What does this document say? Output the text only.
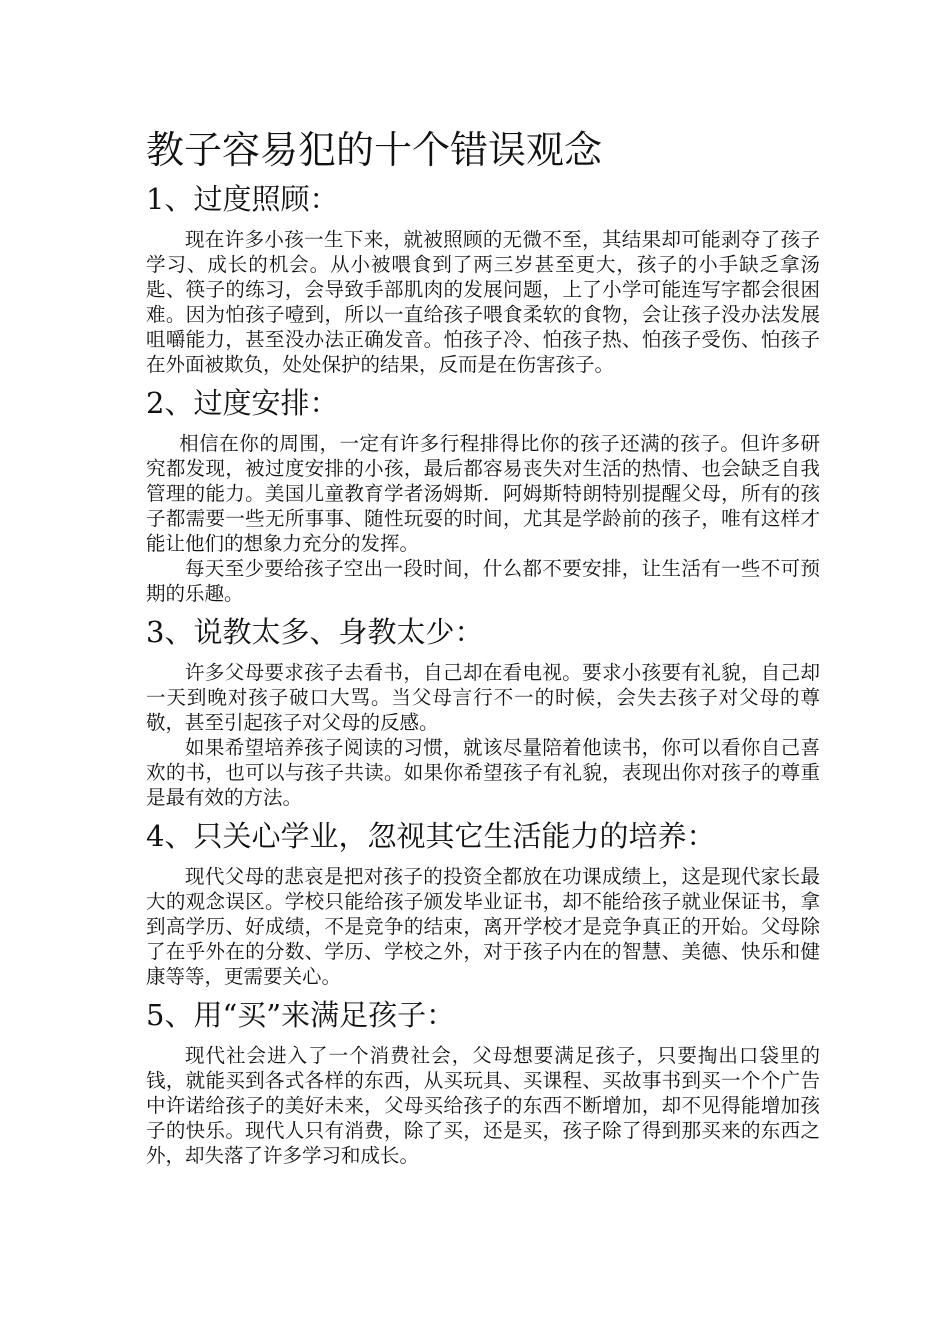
教子容易犯的十个错误观念
1、过度照顾：

现在许多小孩一生下来，就被照顾的无微不至，其结果却可能剥夺了孩子学习、成长的机会。从小被喂食到了两三岁甚至更大，孩子的小手缺乏拿汤匙、筷子的练习，会导致手部肌肉的发展问题，上了小学可能连写字都会很困难。因为怕孩子噎到，所以一直给孩子喂食柔软的食物，会让孩子没办法发展咀嚼能力，甚至没办法正确发音。怕孩子冷、怕孩子热、怕孩子受伤、怕孩子在外面被欺负，处处保护的结果，反而是在伤害孩子。

2、过度安排：

相信在你的周围，一定有许多行程排得比你的孩子还满的孩子。但许多研究都发现，被过度安排的小孩，最后都容易丧失对生活的热情、也会缺乏自我管理的能力。美国儿童教育学者汤姆斯．阿姆斯特朗特别提醒父母，所有的孩子都需要一些无所事事、随性玩耍的时间，尤其是学龄前的孩子，唯有这样才能让他们的想象力充分的发挥。

每天至少要给孩子空出一段时间，什么都不要安排，让生活有一些不可预期的乐趣。

3、说教太多、身教太少：

许多父母要求孩子去看书，自己却在看电视。要求小孩要有礼貌，自己却一天到晚对孩子破口大骂。当父母言行不一的时候，会失去孩子对父母的尊敬，甚至引起孩子对父母的反感。

如果希望培养孩子阅读的习惯，就该尽量陪着他读书，你可以看你自己喜欢的书，也可以与孩子共读。如果你希望孩子有礼貌，表现出你对孩子的尊重是最有效的方法。

4、只关心学业，忽视其它生活能力的培养：

现代父母的悲哀是把对孩子的投资全都放在功课成绩上，这是现代家长最大的观念误区。学校只能给孩子颁发毕业证书，却不能给孩子就业保证书，拿到高学历、好成绩，不是竞争的结束，离开学校才是竞争真正的开始。父母除了在乎外在的分数、学历、学校之外，对于孩子内在的智慧、美德、快乐和健康等等，更需要关心。

5、用“买”来满足孩子：

现代社会进入了一个消费社会，父母想要满足孩子，只要掏出口袋里的钱，就能买到各式各样的东西，从买玩具、买课程、买故事书到买一个个广告中许诺给孩子的美好未来，父母买给孩子的东西不断增加，却不见得能增加孩子的快乐。现代人只有消费，除了买，还是买，孩子除了得到那买来的东西之外，却失落了许多学习和成长。
